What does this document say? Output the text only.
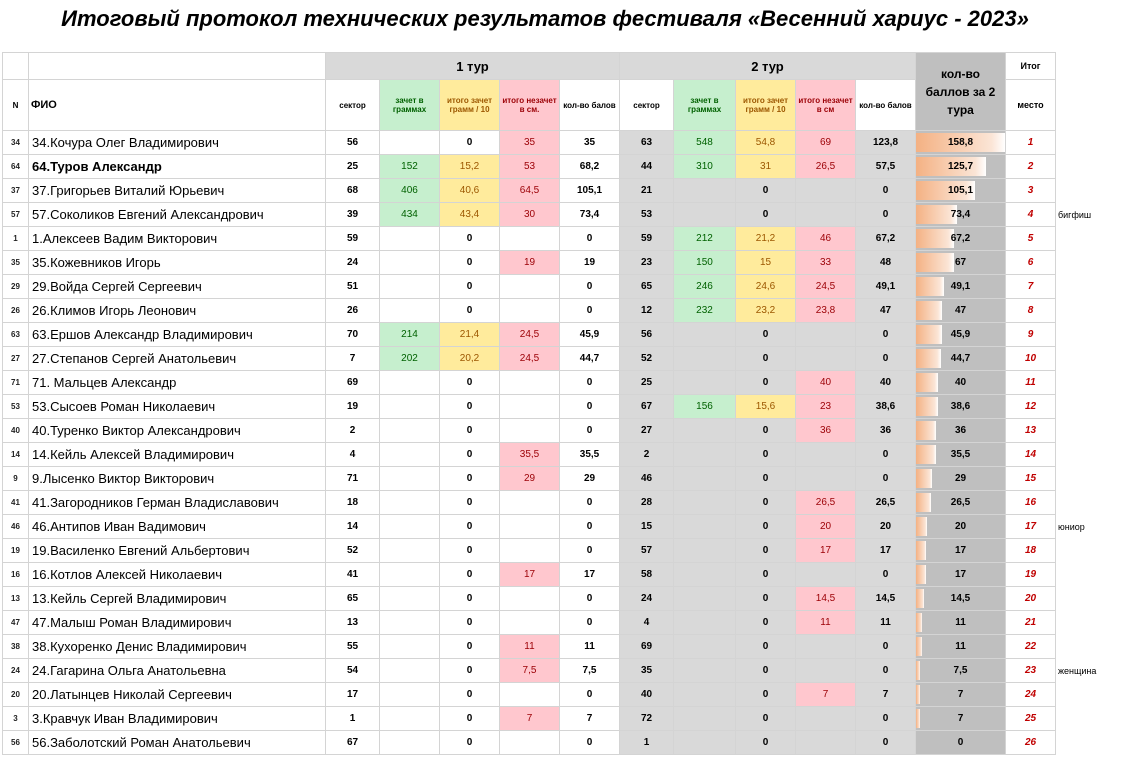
Итоговый протокол технических результатов фестиваля «Весенний хариус - 2023»
		1 тур					2 тур					кол-во баллов за 2 тура	Итог	
N	ФИО	сектор	зачет в граммах	итого зачет грамм / 10	итого незачет в см.	кол-во балов	сектор	зачет в граммах	итого зачет грамм / 10	итого незачет в см	кол-во балов		место	
34	34.Кочура Олег Владимирович	56		0	35	35	63	548	54,8	69	123,8	158,8	1	
64	64.Туров Александр	25	152	15,2	53	68,2	44	310	31	26,5	57,5	125,7	2	
37	37.Григорьев Виталий Юрьевич	68	406	40,6	64,5	105,1	21		0		0	105,1	3	
57	57.Соколиков Евгений Александрович	39	434	43,4	30	73,4	53		0		0	73,4	4	бигфиш
1	1.Алексеев Вадим Викторович	59		0		0	59	212	21,2	46	67,2	67,2	5	
35	35.Кожевников Игорь	24		0	19	19	23	150	15	33	48	67	6	
29	29.Войда Сергей Сергеевич	51		0		0	65	246	24,6	24,5	49,1	49,1	7	
26	26.Климов Игорь Леонович	26		0		0	12	232	23,2	23,8	47	47	8	
63	63.Ершов Александр Владимирович	70	214	21,4	24,5	45,9	56		0		0	45,9	9	
27	27.Степанов Сергей Анатольевич	7	202	20,2	24,5	44,7	52		0		0	44,7	10	
71	71. Мальцев Александр	69		0		0	25		0	40	40	40	11	
53	53.Сысоев Роман Николаевич	19		0		0	67	156	15,6	23	38,6	38,6	12	
40	40.Туренко Виктор Александрович	2		0		0	27		0	36	36	36	13	
14	14.Кейль Алексей Владимирович	4		0	35,5	35,5	2		0		0	35,5	14	
9	9.Лысенко Виктор Викторович	71		0	29	29	46		0		0	29	15	
41	41.Загородников Герман Владиславович	18		0		0	28		0	26,5	26,5	26,5	16	
46	46.Антипов Иван Вадимович	14		0		0	15		0	20	20	20	17	юниор
19	19.Василенко Евгений Альбертович	52		0		0	57		0	17	17	17	18	
16	16.Котлов Алексей Николаевич	41		0	17	17	58		0		0	17	19	
13	13.Кейль Сергей Владимирович	65		0		0	24		0	14,5	14,5	14,5	20	
47	47.Малыш Роман Владимирович	13		0		0	4		0	11	11	11	21	
38	38.Кухоренко Денис Владимирович	55		0	11	11	69		0		0	11	22	
24	24.Гагарина Ольга Анатольевна	54		0	7,5	7,5	35		0		0	7,5	23	женщина
20	20.Латынцев Николай Сергеевич	17		0		0	40		0	7	7	7	24	
3	3.Кравчук Иван Владимирович	1		0	7	7	72		0		0	7	25	
56	56.Заболотский Роман Анатольевич	67		0		0	1		0		0	0	26	
